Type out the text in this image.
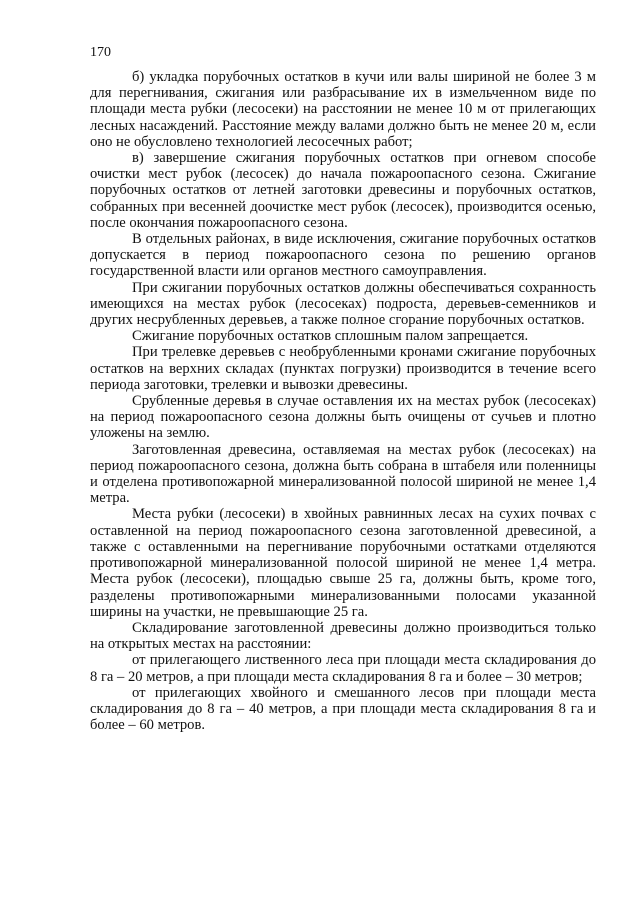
170

б) укладка порубочных остатков в кучи или валы шириной не более 3 м для перегнивания, сжигания или разбрасывание их в измельченном виде по площади места рубки (лесосеки) на расстоянии не менее 10 м от прилегающих лесных насаждений. Расстояние между валами должно быть не менее 20 м, если оно не обусловлено технологией лесосечных работ;

в) завершение сжигания порубочных остатков при огневом способе очистки мест рубок (лесосек) до начала пожароопасного сезона. Сжигание порубочных остатков от летней заготовки древесины и порубочных остатков, собранных при весенней доочистке мест рубок (лесосек), производится осенью, после окончания пожароопасного сезона.

В отдельных районах, в виде исключения, сжигание порубочных остатков допускается в период пожароопасного сезона по решению органов государственной власти или органов местного самоуправления.

При сжигании порубочных остатков должны обеспечиваться сохранность имеющихся на местах рубок (лесосеках) подроста, деревьев-семенников и других несрубленных деревьев, а также полное сгорание порубочных остатков.

Сжигание порубочных остатков сплошным палом запрещается.

При трелевке деревьев с необрубленными кронами сжигание порубочных остатков на верхних складах (пунктах погрузки) производится в течение всего периода заготовки, трелевки и вывозки древесины.

Срубленные деревья в случае оставления их на местах рубок (лесосеках) на период пожароопасного сезона должны быть очищены от сучьев и плотно уложены на землю.

Заготовленная древесина, оставляемая на местах рубок (лесосеках) на период пожароопасного сезона, должна быть собрана в штабеля или поленницы и отделена противопожарной минерализованной полосой шириной не менее 1,4 метра.

Места рубки (лесосеки) в хвойных равнинных лесах на сухих почвах с оставленной на период пожароопасного сезона заготовленной древесиной, а также с оставленными на перегнивание порубочными остатками отделяются противопожарной минерализованной полосой шириной не менее 1,4 метра. Места рубок (лесосеки), площадью свыше 25 га, должны быть, кроме того, разделены противопожарными минерализованными полосами указанной ширины на участки, не превышающие 25 га.

Складирование заготовленной древесины должно производиться только на открытых местах на расстоянии:

от прилегающего лиственного леса при площади места складирования до 8 га – 20 метров, а при площади места складирования 8 га и более – 30 метров;

от прилегающих хвойного и смешанного лесов при площади места складирования до 8 га – 40 метров, а при площади места складирования 8 га и более – 60 метров.
